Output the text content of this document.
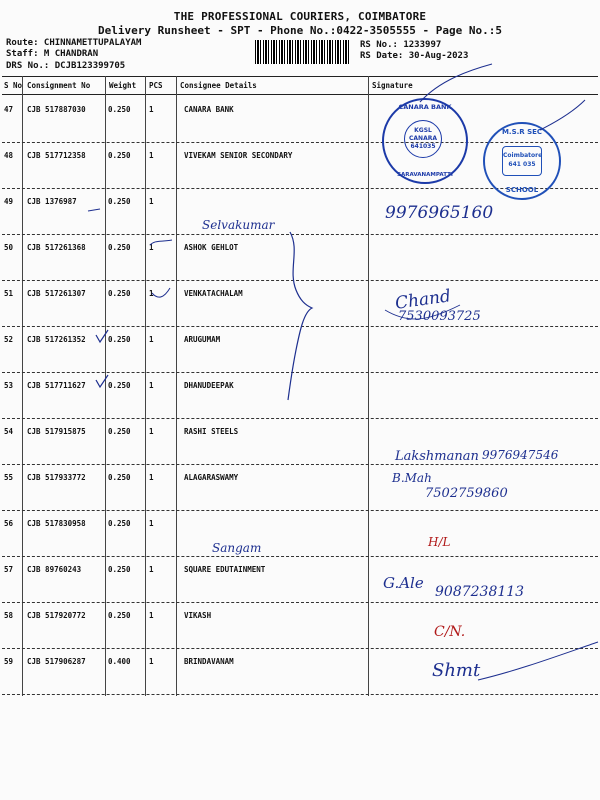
THE PROFESSIONAL COURIERS, COIMBATORE
Delivery Runsheet - SPT - Phone No.:0422-3505555 - Page No.:5
Route: CHINNAMETTUPALAYAM
Staff: M CHANDRAN
DRS No.: DCJB123399705
RS No.: 1233997
RS Date: 30-Aug-2023
S No Consignment No	Weight PCS Consignee Details	Signature
47 CJB 517887030	0.250 1	CANARA BANK
48 CJB 517712358	0.250 1	VIVEKAM SENIOR SECONDARY
49 CJB 1376987	0.250 1
50 CJB 517261368	0.250 1	ASHOK GEHLOT
51 CJB 517261307	0.250 1	VENKATACHALAM
52 CJB 517261352	0.250 1	ARUGUMAM
53 CJB 517711627	0.250 1	DHANUDEEPAK
54 CJB 517915875	0.250 1	RASHI STEELS
55 CJB 517933772	0.250 1	ALAGARASWAMY
56 CJB 517830958	0.250 1
57 CJB 89760243	0.250 1	SQUARE EDUTAINMENT
58 CJB 517920772	0.250 1	VIKASH
59 CJB 517906287	0.400 1	BRINDAVANAM
CANARA BANK
KGSL CANARA 641035
SARAVANAMPATTI
M.S.R SEC
Coimbatore 641 035
SCHOOL
Selvakumar
9976965160
Chand
7530093725
Lakshmanan 9976947546
B.Mah
7502759860
Sangam	H/L
G.Ale 9087238113
C/N.
Shmt
